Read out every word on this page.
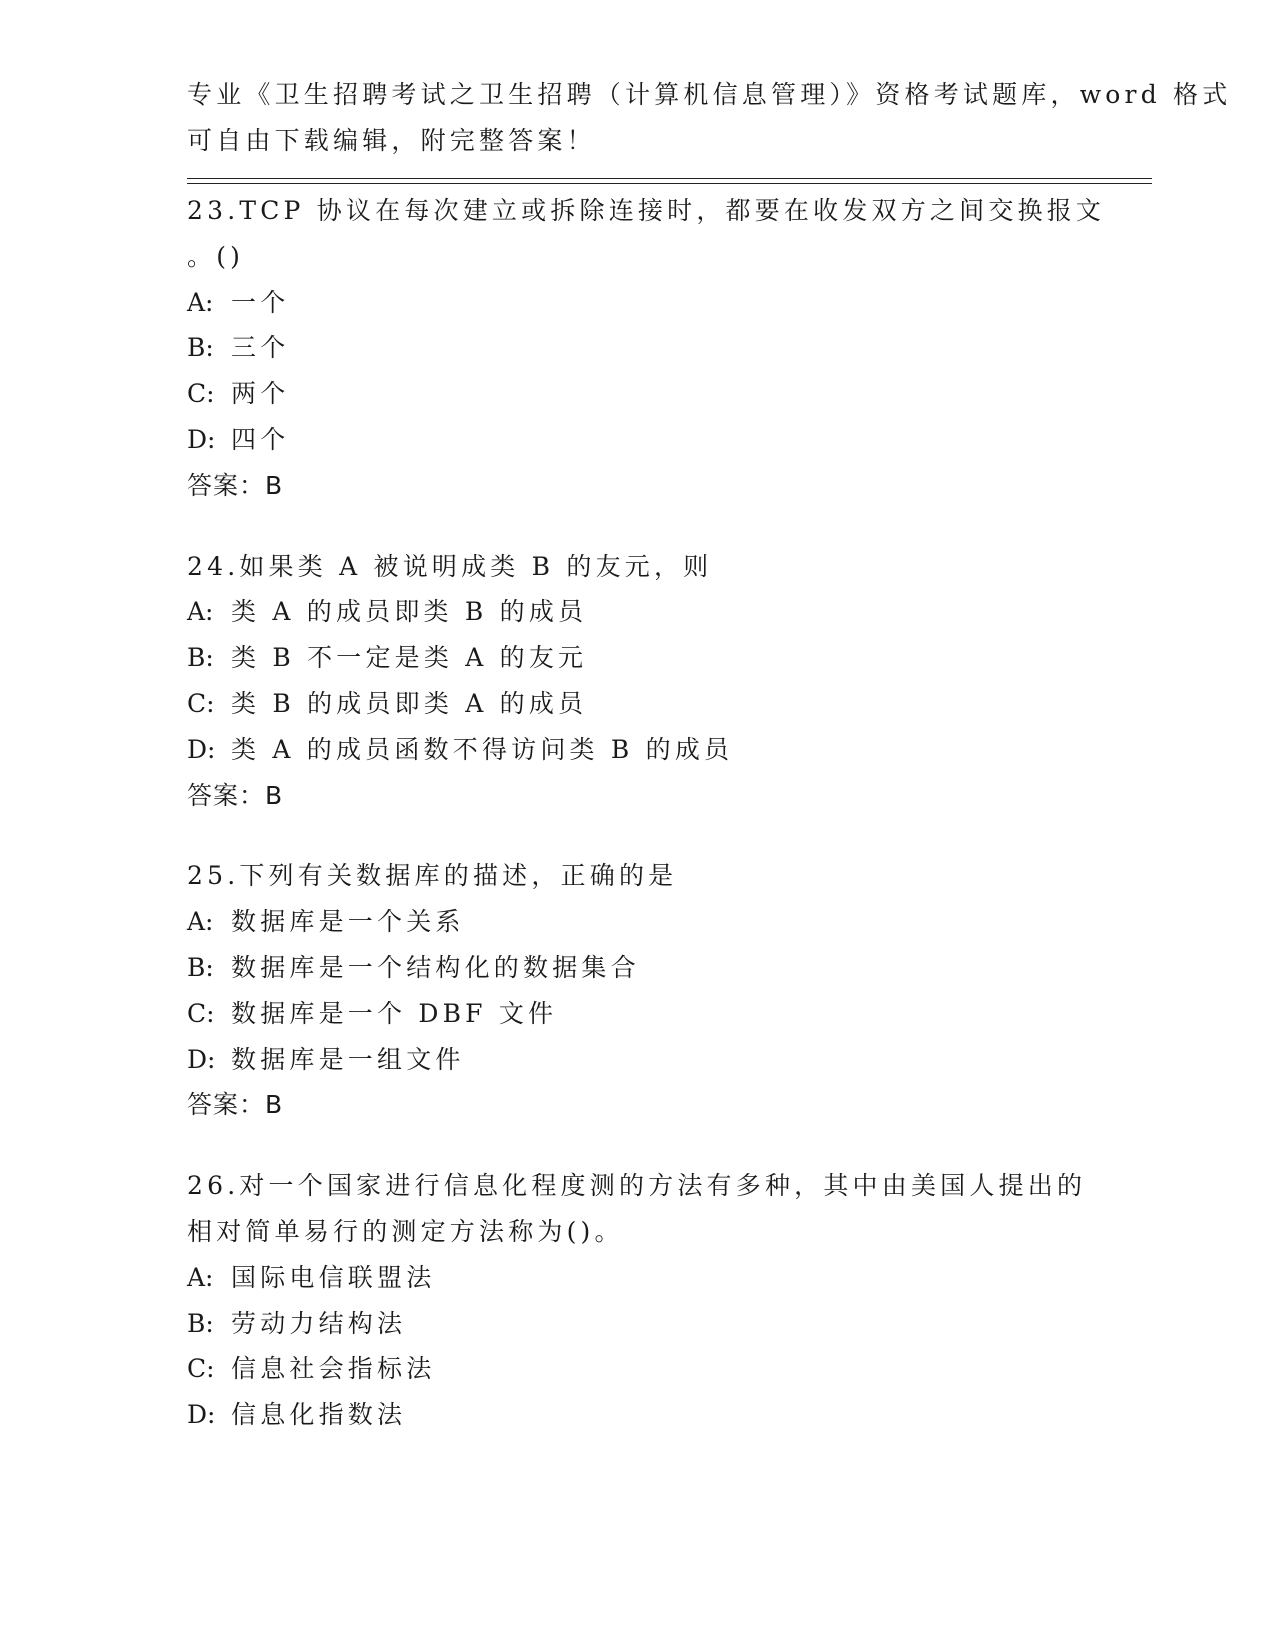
专业《卫生招聘考试之卫生招聘（计算机信息管理）》资格考试题库，word 格式
可自由下载编辑，附完整答案！
23.TCP 协议在每次建立或拆除连接时，都要在收发双方之间交换报文
。()
A: 一个
B: 三个
C: 两个
D: 四个
答案：B
24.如果类 A 被说明成类 B 的友元，则
A: 类 A 的成员即类 B 的成员
B: 类 B 不一定是类 A 的友元
C: 类 B 的成员即类 A 的成员
D: 类 A 的成员函数不得访问类 B 的成员
答案：B
25.下列有关数据库的描述，正确的是
A: 数据库是一个关系
B: 数据库是一个结构化的数据集合
C: 数据库是一个 DBF 文件
D: 数据库是一组文件
答案：B
26.对一个国家进行信息化程度测的方法有多种，其中由美国人提出的
相对简单易行的测定方法称为()。
A: 国际电信联盟法
B: 劳动力结构法
C: 信息社会指标法
D: 信息化指数法
